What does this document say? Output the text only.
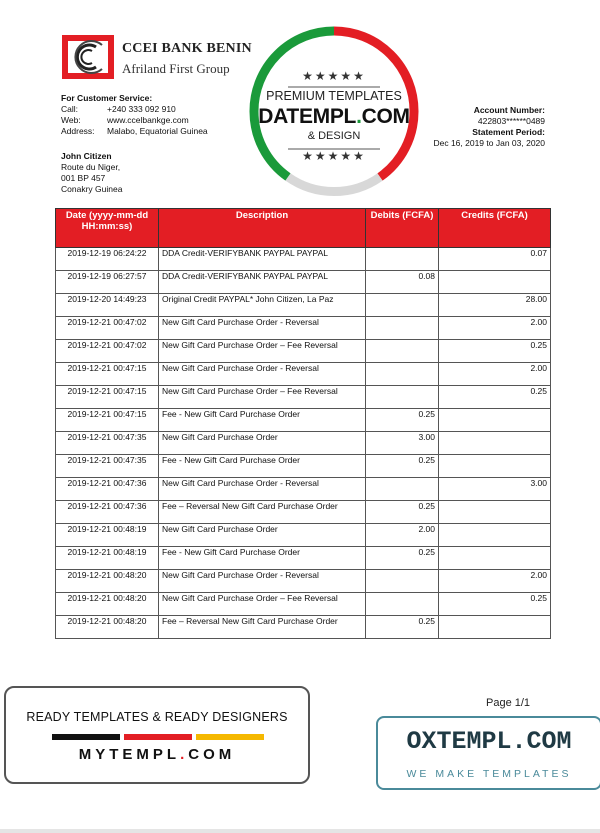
CCEI BANK BENIN
Afriland First Group
For Customer Service:
Call:	+240 333 092 910
Web:	www.ccelbankge.com
Address:	Malabo, Equatorial Guinea
John Citizen
Route du Niger,
001 BP 457
Conakry Guinea
Account Number:
422803******0489
Statement Period:
Dec 16, 2019 to Jan 03, 2020
★★★★★
PREMIUM TEMPLATES
DATEMPL.COM
& DESIGN
★★★★★
Date (yyyy-mm-dd HH:mm:ss)	Description	Debits (FCFA)	Credits (FCFA)
2019-12-19 06:24:22	DDA Credit-VERIFYBANK PAYPAL PAYPAL		0.07
2019-12-19 06:27:57	DDA Credit-VERIFYBANK PAYPAL PAYPAL	0.08	
2019-12-20 14:49:23	Original Credit PAYPAL* John Citizen, La Paz		28.00
2019-12-21 00:47:02	New Gift Card Purchase Order - Reversal		2.00
2019-12-21 00:47:02	New Gift Card Purchase Order – Fee Reversal		0.25
2019-12-21 00:47:15	New Gift Card Purchase Order - Reversal		2.00
2019-12-21 00:47:15	New Gift Card Purchase Order – Fee Reversal		0.25
2019-12-21 00:47:15	Fee - New Gift Card Purchase Order	0.25	
2019-12-21 00:47:35	New Gift Card Purchase Order	3.00	
2019-12-21 00:47:35	Fee - New Gift Card Purchase Order	0.25	
2019-12-21 00:47:36	New Gift Card Purchase Order - Reversal		3.00
2019-12-21 00:47:36	Fee – Reversal New Gift Card Purchase Order	0.25	
2019-12-21 00:48:19	New Gift Card Purchase Order	2.00	
2019-12-21 00:48:19	Fee - New Gift Card Purchase Order	0.25	
2019-12-21 00:48:20	New Gift Card Purchase Order - Reversal		2.00
2019-12-21 00:48:20	New Gift Card Purchase Order – Fee Reversal		0.25
2019-12-21 00:48:20	Fee – Reversal New Gift Card Purchase Order	0.25	
Page 1/1
READY TEMPLATES & READY DESIGNERS
MYTEMPL.COM	OXTEMPL.COM
WE MAKE TEMPLATES
